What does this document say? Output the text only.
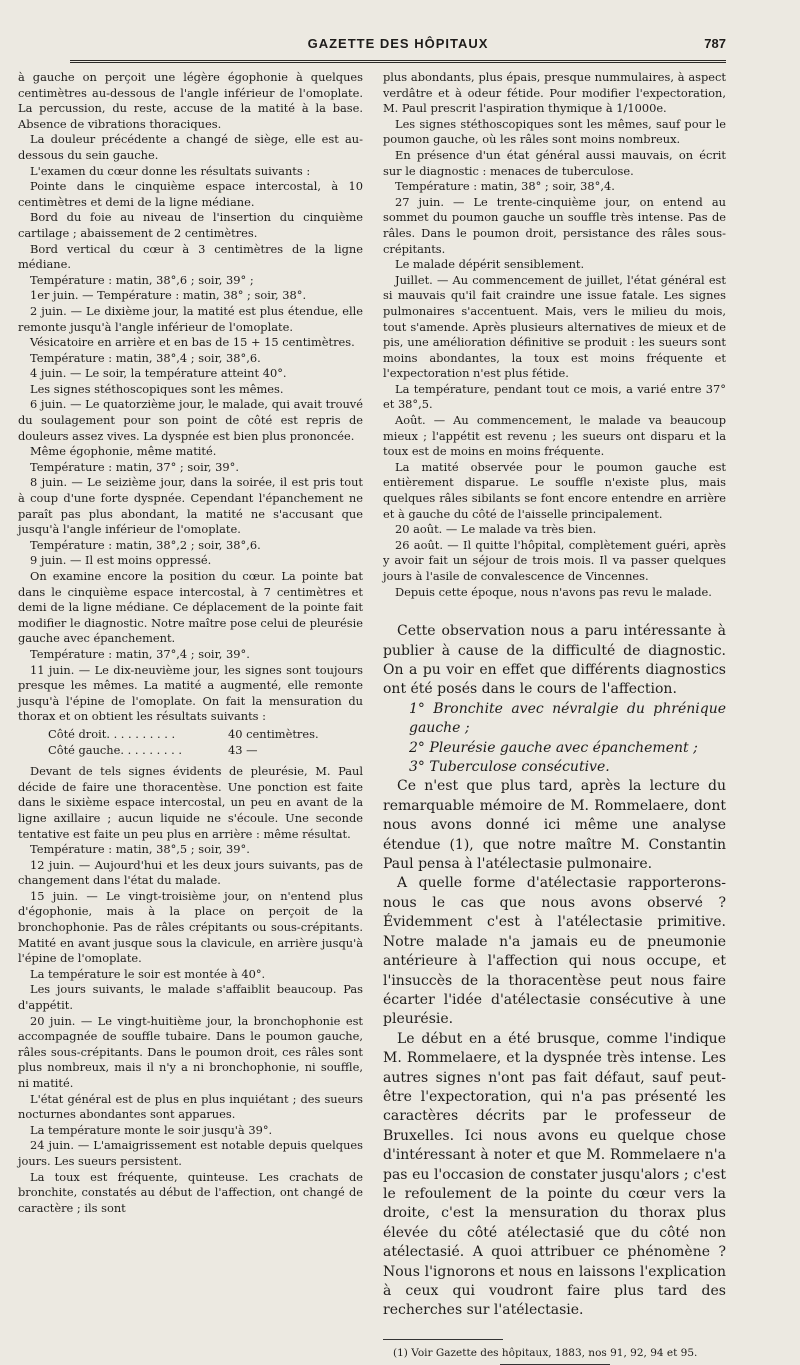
GAZETTE DES HÔPITAUX	787

à gauche on perçoit une légère égophonie à quelques centimètres au-dessous de l'angle inférieur de l'omoplate. La percussion, du reste, accuse de la matité à la base. Absence de vibrations thoraciques.

La douleur précédente a changé de siège, elle est au-dessous du sein gauche.

L'examen du cœur donne les résultats suivants :

Pointe dans le cinquième espace intercostal, à 10 centimètres et demi de la ligne médiane.

Bord du foie au niveau de l'insertion du cinquième cartilage ; abaissement de 2 centimètres.

Bord vertical du cœur à 3 centimètres de la ligne médiane.

Température : matin, 38°,6 ; soir, 39° ;

1er juin. — Température : matin, 38° ; soir, 38°.

2 juin. — Le dixième jour, la matité est plus étendue, elle remonte jusqu'à l'angle inférieur de l'omoplate.

Vésicatoire en arrière et en bas de 15 + 15 centimètres.

Température : matin, 38°,4 ; soir, 38°,6.

4 juin. — Le soir, la température atteint 40°.

Les signes stéthoscopiques sont les mêmes.

6 juin. — Le quatorzième jour, le malade, qui avait trouvé du soulagement pour son point de côté est repris de douleurs assez vives. La dyspnée est bien plus prononcée.

Même égophonie, même matité.

Température : matin, 37° ; soir, 39°.

8 juin. — Le seizième jour, dans la soirée, il est pris tout à coup d'une forte dyspnée. Cependant l'épanchement ne paraît pas plus abondant, la matité ne s'accusant que jusqu'à l'angle inférieur de l'omoplate.

Température : matin, 38°,2 ; soir, 38°,6.

9 juin. — Il est moins oppressé.

On examine encore la position du cœur. La pointe bat dans le cinquième espace intercostal, à 7 centimètres et demi de la ligne médiane. Ce déplacement de la pointe fait modifier le diagnostic. Notre maître pose celui de pleurésie gauche avec épanchement.

Température : matin, 37°,4 ; soir, 39°.

11 juin. — Le dix-neuvième jour, les signes sont toujours presque les mêmes. La matité a augmenté, elle remonte jusqu'à l'épine de l'omoplate. On fait la mensuration du thorax et on obtient les résultats suivants :

Côté droit. . . . . . . . . .	40 centimètres.
Côté gauche. . . . . . . . .	43 —

Devant de tels signes évidents de pleurésie, M. Paul décide de faire une thoracentèse. Une ponction est faite dans le sixième espace intercostal, un peu en avant de la ligne axillaire ; aucun liquide ne s'écoule. Une seconde tentative est faite un peu plus en arrière : même résultat.

Température : matin, 38°,5 ; soir, 39°.

12 juin. — Aujourd'hui et les deux jours suivants, pas de changement dans l'état du malade.

15 juin. — Le vingt-troisième jour, on n'entend plus d'égophonie, mais à la place on perçoit de la bronchophonie. Pas de râles crépitants ou sous-crépitants. Matité en avant jusque sous la clavicule, en arrière jusqu'à l'épine de l'omoplate.

La température le soir est montée à 40°.

Les jours suivants, le malade s'affaiblit beaucoup. Pas d'appétit.

20 juin. — Le vingt-huitième jour, la bronchophonie est accompagnée de souffle tubaire. Dans le poumon gauche, râles sous-crépitants. Dans le poumon droit, ces râles sont plus nombreux, mais il n'y a ni bronchophonie, ni souffle, ni matité.

L'état général est de plus en plus inquiétant ; des sueurs nocturnes abondantes sont apparues.

La température monte le soir jusqu'à 39°.

24 juin. — L'amaigrissement est notable depuis quelques jours. Les sueurs persistent.

La toux est fréquente, quinteuse. Les crachats de bronchite, constatés au début de l'affection, ont changé de caractère ; ils sont

plus abondants, plus épais, presque nummulaires, à aspect verdâtre et à odeur fétide. Pour modifier l'expectoration, M. Paul prescrit l'aspiration thymique à 1/1000e.

Les signes stéthoscopiques sont les mêmes, sauf pour le poumon gauche, où les râles sont moins nombreux.

En présence d'un état général aussi mauvais, on écrit sur le diagnostic : menaces de tuberculose.

Température : matin, 38° ; soir, 38°,4.

27 juin. — Le trente-cinquième jour, on entend au sommet du poumon gauche un souffle très intense. Pas de râles. Dans le poumon droit, persistance des râles sous-crépitants.

Le malade dépérit sensiblement.

Juillet. — Au commencement de juillet, l'état général est si mauvais qu'il fait craindre une issue fatale. Les signes pulmonaires s'accentuent. Mais, vers le milieu du mois, tout s'amende. Après plusieurs alternatives de mieux et de pis, une amélioration définitive se produit : les sueurs sont moins abondantes, la toux est moins fréquente et l'expectoration n'est plus fétide.

La température, pendant tout ce mois, a varié entre 37° et 38°,5.

Août. — Au commencement, le malade va beaucoup mieux ; l'appétit est revenu ; les sueurs ont disparu et la toux est de moins en moins fréquente.

La matité observée pour le poumon gauche est entièrement disparue. Le souffle n'existe plus, mais quelques râles sibilants se font encore entendre en arrière et à gauche du côté de l'aisselle principalement.

20 août. — Le malade va très bien.

26 août. — Il quitte l'hôpital, complètement guéri, après y avoir fait un séjour de trois mois. Il va passer quelques jours à l'asile de convalescence de Vincennes.

Depuis cette époque, nous n'avons pas revu le malade.

Cette observation nous a paru intéressante à publier à cause de la difficulté de diagnostic. On a pu voir en effet que différents diagnostics ont été posés dans le cours de l'affection.

1° Bronchite avec névralgie du phrénique gauche ;

2° Pleurésie gauche avec épanchement ;

3° Tuberculose consécutive.

Ce n'est que plus tard, après la lecture du remarquable mémoire de M. Rommelaere, dont nous avons donné ici même une analyse étendue (1), que notre maître M. Constantin Paul pensa à l'atélectasie pulmonaire.

A quelle forme d'atélectasie rapporterons-nous le cas que nous avons observé ? Évidemment c'est à l'atélectasie primitive. Notre malade n'a jamais eu de pneumonie antérieure à l'affection qui nous occupe, et l'insuccès de la thoracentèse peut nous faire écarter l'idée d'atélectasie consécutive à une pleurésie.

Le début en a été brusque, comme l'indique M. Rommelaere, et la dyspnée très intense. Les autres signes n'ont pas fait défaut, sauf peut-être l'expectoration, qui n'a pas présenté les caractères décrits par le professeur de Bruxelles. Ici nous avons eu quelque chose d'intéressant à noter et que M. Rommelaere n'a pas eu l'occasion de constater jusqu'alors ; c'est le refoulement de la pointe du cœur vers la droite, c'est la mensuration du thorax plus élevée du côté atélectasié que du côté non atélectasié. A quoi attribuer ce phénomène ? Nous l'ignorons et nous en laissons l'explication à ceux qui voudront faire plus tard des recherches sur l'atélectasie.

(1) Voir Gazette des hôpitaux, 1883, nos 91, 92, 94 et 95.
